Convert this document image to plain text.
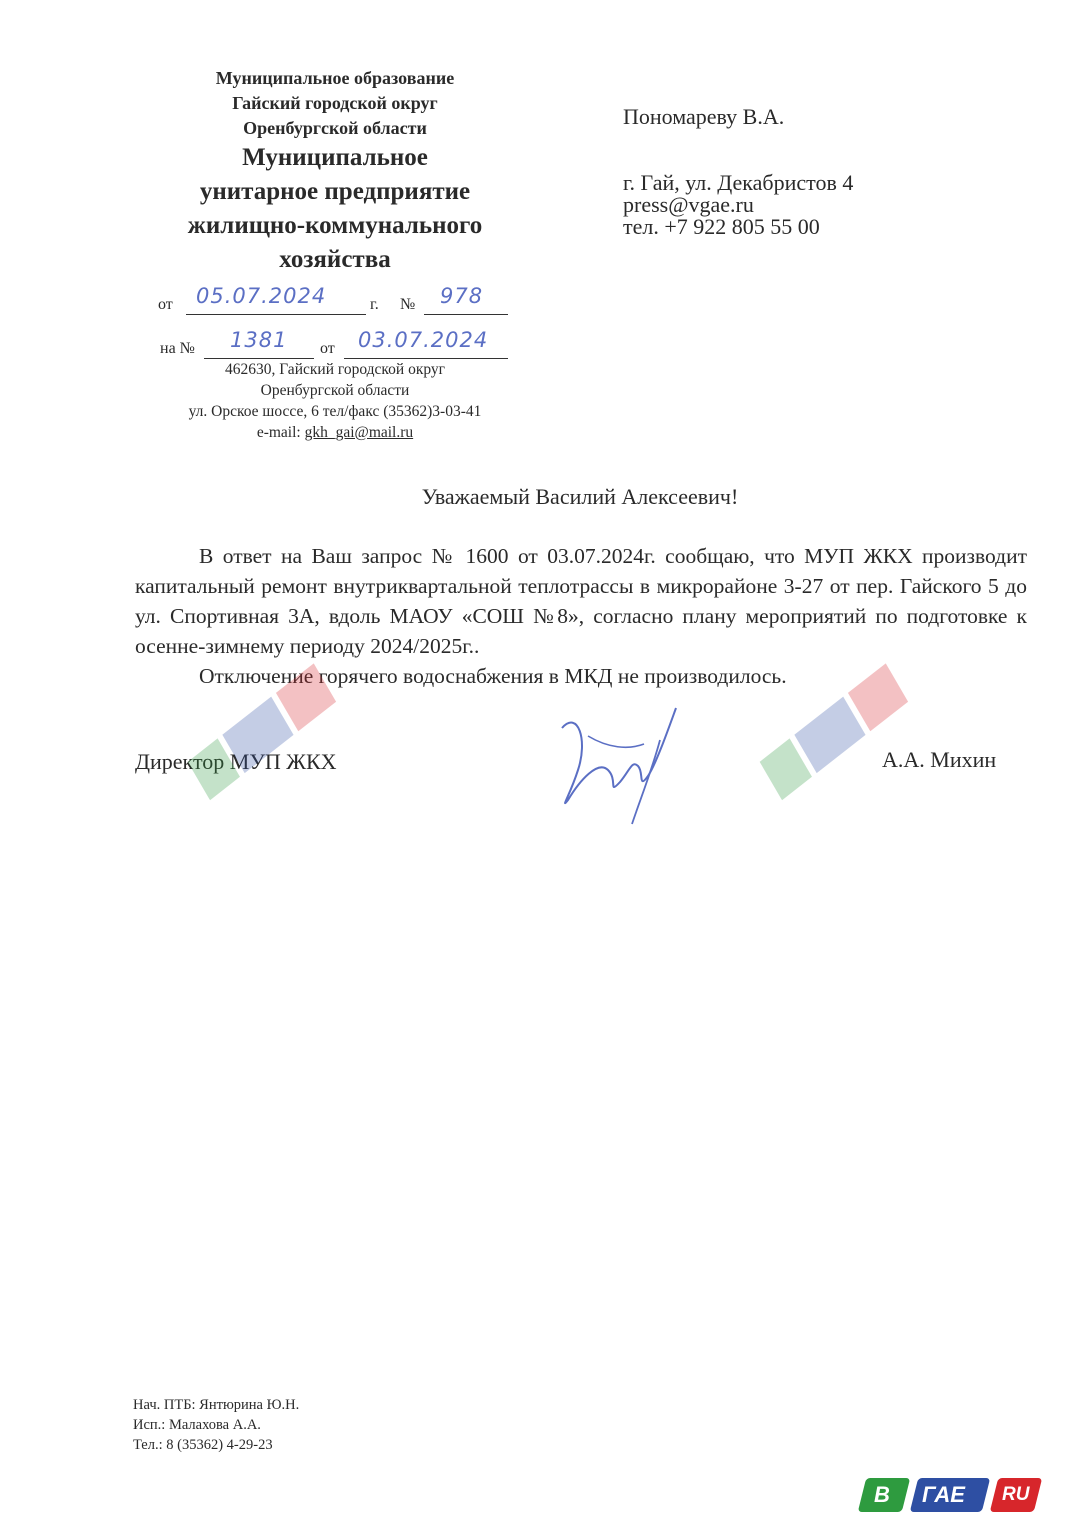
Муниципальное образование
Гайский городской округ
Оренбургской области
Муниципальное
унитарное предприятие
жилищно-коммунального
хозяйства
от 05.07.2024	г. № 978
на № 1381 от 03.07.2024
462630, Гайский городской округ
Оренбургской области
ул. Орское шоссе, 6 тел/факс (35362)3-03-41
e-mail: gkh_gai@mail.ru
Пономареву В.А.
г. Гай, ул. Декабристов 4
press@vgae.ru
тел. +7 922 805 55 00
Уважаемый Василий Алексеевич!
В ответ на Ваш запрос № 1600 от 03.07.2024г. сообщаю, что МУП ЖКХ производит капитальный ремонт внутриквартальной теплотрассы в микрорайоне 3-27 от пер. Гайского 5 до ул. Спортивная 3А, вдоль МАОУ «СОШ №8», согласно плану мероприятий по подготовке к осенне-зимнему периоду 2024/2025г..
Отключение горячего водоснабжения в МКД не производилось.
Директор МУП ЖКХ	А.А. Михин
Нач. ПТБ: Янтюрина Ю.Н.
Исп.: Малахова А.А.
Тел.: 8 (35362) 4-29-23
В ГАЕ RU
